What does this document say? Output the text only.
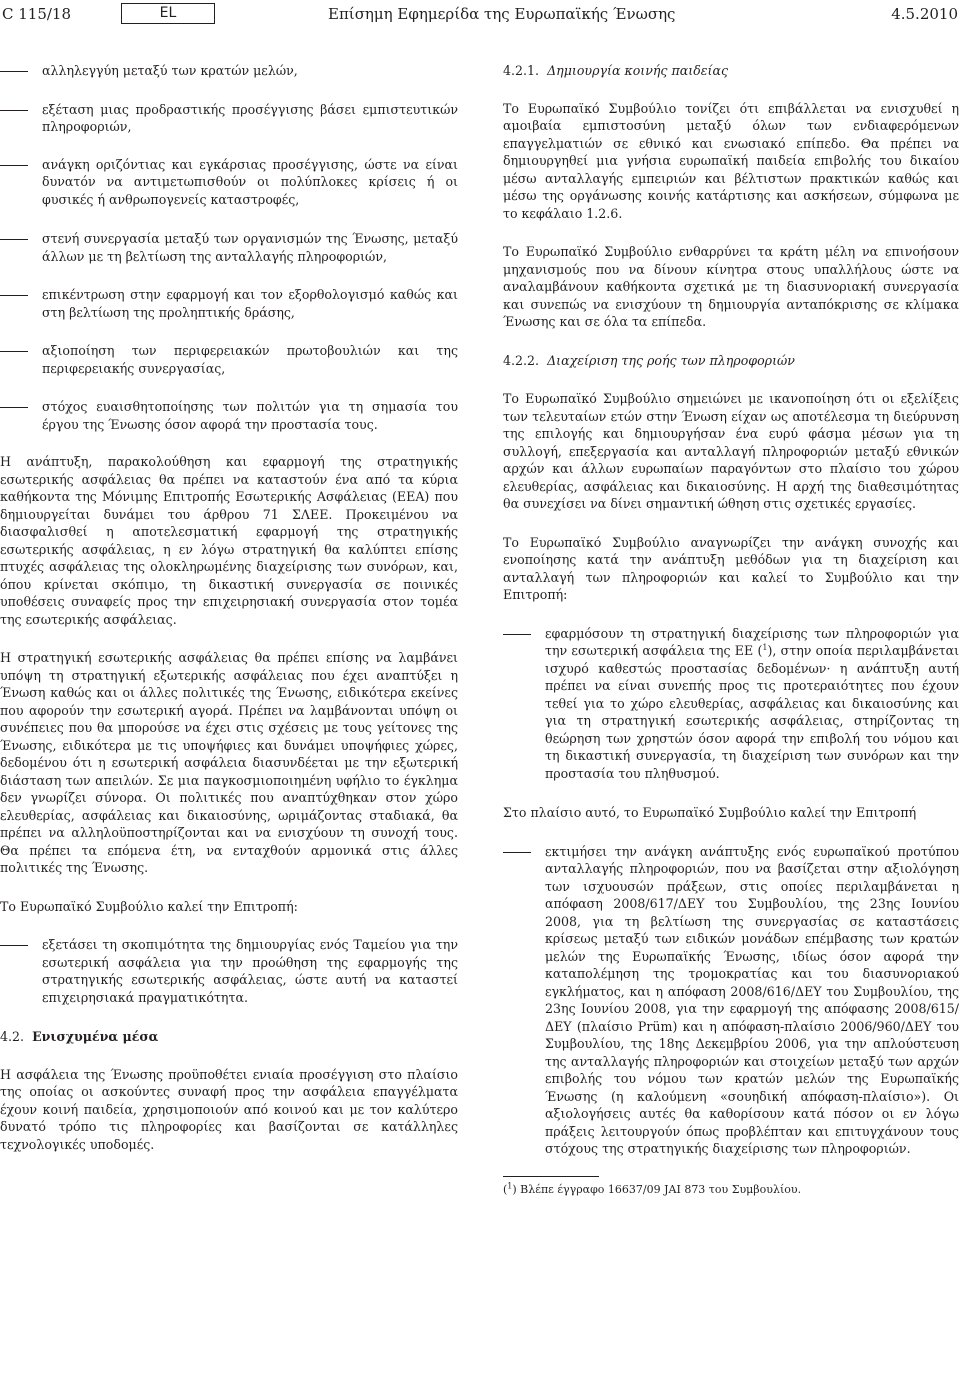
C 115/18	EL	Επίσημη Εφημερίδα της Ευρωπαϊκής Ένωσης	4.5.2010
αλληλεγγύη μεταξύ των κρατών μελών,
εξέταση μιας προδραστικής προσέγγισης βάσει εμπιστευτικών πληροφοριών,
ανάγκη οριζόντιας και εγκάρσιας προσέγγισης, ώστε να είναι δυνατόν να αντιμετωπισθούν οι πολύπλοκες κρίσεις ή οι φυσικές ή ανθρωπογενείς καταστροφές,
στενή συνεργασία μεταξύ των οργανισμών της Ένωσης, μεταξύ άλλων με τη βελτίωση της ανταλλαγής πληροφοριών,
επικέντρωση στην εφαρμογή και τον εξορθολογισμό καθώς και στη βελτίωση της προληπτικής δράσης,
αξιοποίηση των περιφερειακών πρωτοβουλιών και της περιφερειακής συνεργασίας,
στόχος ευαισθητοποίησης των πολιτών για τη σημασία του έργου της Ένωσης όσον αφορά την προστασία τους.

Η ανάπτυξη, παρακολούθηση και εφαρμογή της στρατηγικής εσωτερικής ασφάλειας θα πρέπει να καταστούν ένα από τα κύρια καθήκοντα της Μόνιμης Επιτροπής Εσωτερικής Ασφάλειας (ΕΕΑ) που δημιουργείται δυνάμει του άρθρου 71 ΣΛΕΕ. Προκειμένου να διασφαλισθεί η αποτελεσματική εφαρμογή της στρατηγικής εσωτερικής ασφάλειας, η εν λόγω στρατηγική θα καλύπτει επίσης πτυχές ασφάλειας της ολοκληρωμένης διαχείρισης των συνόρων, και, όπου κρίνεται σκόπιμο, τη δικαστική συνεργασία σε ποινικές υποθέσεις συναφείς προς την επιχειρησιακή συνεργασία στον τομέα της εσωτερικής ασφάλειας.

Η στρατηγική εσωτερικής ασφάλειας θα πρέπει επίσης να λαμβάνει υπόψη τη στρατηγική εξωτερικής ασφάλειας που έχει αναπτύξει η Ένωση καθώς και οι άλλες πολιτικές της Ένωσης, ειδικότερα εκείνες που αφορούν την εσωτερική αγορά. Πρέπει να λαμβάνονται υπόψη οι συνέπειες που θα μπορούσε να έχει στις σχέσεις με τους γείτονες της Ένωσης, ειδικότερα με τις υποψήφιες και δυνάμει υποψήφιες χώρες, δεδομένου ότι η εσωτερική ασφάλεια διασυνδέεται με την εξωτερική διάσταση των απειλών. Σε μια παγκοσμιοποιημένη υφήλιο το έγκλημα δεν γνωρίζει σύνορα. Οι πολιτικές που αναπτύχθηκαν στον χώρο ελευθερίας, ασφάλειας και δικαιοσύνης, ωριμάζοντας σταδιακά, θα πρέπει να αλληλοϋποστηρίζονται και να ενισχύουν τη συνοχή τους. Θα πρέπει τα επόμενα έτη, να ενταχθούν αρμονικά στις άλλες πολιτικές της Ένωσης.

Το Ευρωπαϊκό Συμβούλιο καλεί την Επιτροπή:

εξετάσει τη σκοπιμότητα της δημιουργίας ενός Ταμείου για την εσωτερική ασφάλεια για την προώθηση της εφαρμογής της στρατηγικής εσωτερικής ασφάλειας, ώστε αυτή να καταστεί επιχειρησιακά πραγματικότητα.
4.2. Ενισχυμένα μέσα

Η ασφάλεια της Ένωσης προϋποθέτει ενιαία προσέγγιση στο πλαίσιο της οποίας οι ασκούντες συναφή προς την ασφάλεια επαγγέλματα έχουν κοινή παιδεία, χρησιμοποιούν από κοινού και με τον καλύτερο δυνατό τρόπο τις πληροφορίες και βασίζονται σε κατάλληλες τεχνολογικές υποδομές.

4.2.1. Δημιουργία κοινής παιδείας

Το Ευρωπαϊκό Συμβούλιο τονίζει ότι επιβάλλεται να ενισχυθεί η αμοιβαία εμπιστοσύνη μεταξύ όλων των ενδιαφερόμενων επαγγελματιών σε εθνικό και ενωσιακό επίπεδο. Θα πρέπει να δημιουργηθεί μια γνήσια ευρωπαϊκή παιδεία επιβολής του δικαίου μέσω ανταλλαγής εμπειριών και βέλτιστων πρακτικών καθώς και μέσω της οργάνωσης κοινής κατάρτισης και ασκήσεων, σύμφωνα με το κεφάλαιο 1.2.6.

Το Ευρωπαϊκό Συμβούλιο ενθαρρύνει τα κράτη μέλη να επινοήσουν μηχανισμούς που να δίνουν κίνητρα στους υπαλλήλους ώστε να αναλαμβάνουν καθήκοντα σχετικά με τη διασυνοριακή συνεργασία και συνεπώς να ενισχύουν τη δημιουργία ανταπόκρισης σε κλίμακα Ένωσης και σε όλα τα επίπεδα.

4.2.2. Διαχείριση της ροής των πληροφοριών

Το Ευρωπαϊκό Συμβούλιο σημειώνει με ικανοποίηση ότι οι εξελίξεις των τελευταίων ετών στην Ένωση είχαν ως αποτέλεσμα τη διεύρυνση της επιλογής και δημιουργήσαν ένα ευρύ φάσμα μέσων για τη συλλογή, επεξεργασία και ανταλλαγή πληροφοριών μεταξύ εθνικών αρχών και άλλων ευρωπαίων παραγόντων στο πλαίσιο του χώρου ελευθερίας, ασφάλειας και δικαιοσύνης. Η αρχή της διαθεσιμότητας θα συνεχίσει να δίνει σημαντική ώθηση στις σχετικές εργασίες.

Το Ευρωπαϊκό Συμβούλιο αναγνωρίζει την ανάγκη συνοχής και ενοποίησης κατά την ανάπτυξη μεθόδων για τη διαχείριση και ανταλλαγή των πληροφοριών και καλεί το Συμβούλιο και την Επιτροπή:

εφαρμόσουν τη στρατηγική διαχείρισης των πληροφοριών για την εσωτερική ασφάλεια της ΕΕ ($^1$), στην οποία περιλαμβάνεται ισχυρό καθεστώς προστασίας δεδομένων· η ανάπτυξη αυτή πρέπει να είναι συνεπής προς τις προτεραιότητες που έχουν τεθεί για το χώρο ελευθερίας, ασφάλειας και δικαιοσύνης και για τη στρατηγική εσωτερικής ασφάλειας, στηρίζοντας τη θεώρηση των χρηστών όσον αφορά την επιβολή του νόμου και τη δικαστική συνεργασία, τη διαχείριση των συνόρων και την προστασία του πληθυσμού.

Στο πλαίσιο αυτό, το Ευρωπαϊκό Συμβούλιο καλεί την Επιτροπή

εκτιμήσει την ανάγκη ανάπτυξης ενός ευρωπαϊκού προτύπου ανταλλαγής πληροφοριών, που να βασίζεται στην αξιολόγηση των ισχυουσών πράξεων, στις οποίες περιλαμβάνεται η απόφαση 2008/617/ΔΕΥ του Συμβουλίου, της 23ης Ιουνίου 2008, για τη βελτίωση της συνεργασίας σε καταστάσεις κρίσεως μεταξύ των ειδικών μονάδων επέμβασης των κρατών μελών της Ευρωπαϊκής Ένωσης, ιδίως όσον αφορά την καταπολέμηση της τρομοκρατίας και του διασυνοριακού εγκλήματος, και η απόφαση 2008/616/ΔΕΥ του Συμβουλίου, της 23ης Ιουνίου 2008, για την εφαρμογή της απόφασης 2008/615/ΔΕΥ (πλαίσιο Prüm) και η απόφαση-πλαίσιο 2006/960/ΔΕΥ του Συμβουλίου, της 18ης Δεκεμβρίου 2006, για την απλούστευση της ανταλλαγής πληροφοριών και στοιχείων μεταξύ των αρχών επιβολής του νόμου των κρατών μελών της Ευρωπαϊκής Ένωσης (η καλούμενη «σουηδική απόφαση-πλαίσιο»). Οι αξιολογήσεις αυτές θα καθορίσουν κατά πόσον οι εν λόγω πράξεις λειτουργούν όπως προβλέπταν και επιτυγχάνουν τους στόχους της στρατηγικής διαχείρισης των πληροφοριών.

($^1$) Βλέπε έγγραφο 16637/09 JAI 873 του Συμβουλίου.
